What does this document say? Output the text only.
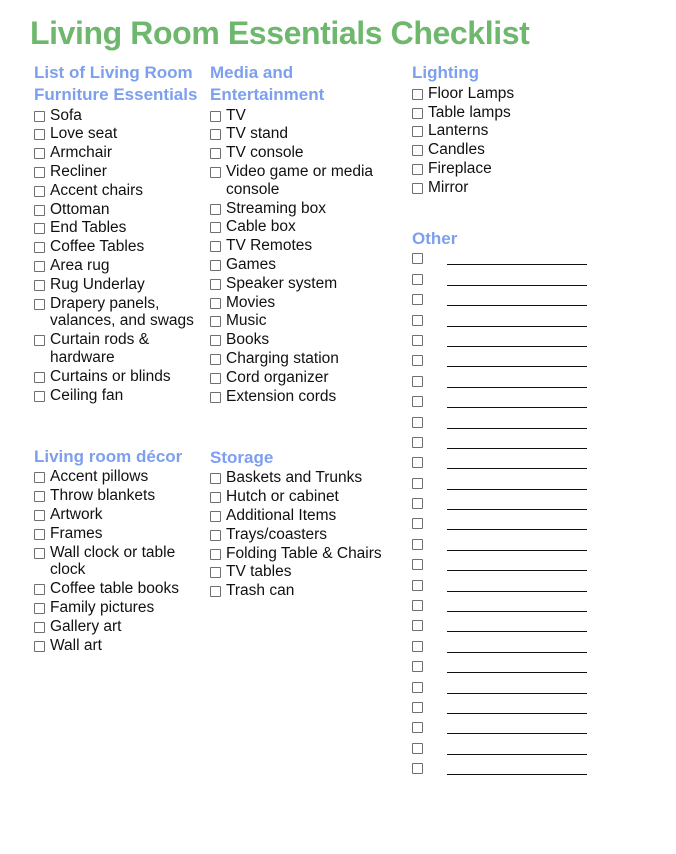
Living Room Essentials Checklist
List of Living Room Furniture Essentials
Sofa
Love seat
Armchair
Recliner
Accent chairs
Ottoman
End Tables
Coffee Tables
Area rug
Rug Underlay
Drapery panels, valances, and swags
Curtain rods & hardware
Curtains or blinds
Ceiling fan
Living room décor
Accent pillows
Throw blankets
Artwork
Frames
Wall clock or table clock
Coffee table books
Family pictures
Gallery art
Wall art
Media and Entertainment
TV
TV stand
TV console
Video game or media console
Streaming box
Cable box
TV Remotes
Games
Speaker system
Movies
Music
Books
Charging station
Cord organizer
Extension cords
Storage
Baskets and Trunks
Hutch or cabinet
Additional Items
Trays/coasters
Folding Table & Chairs
TV tables
Trash can
Lighting
Floor Lamps
Table lamps
Lanterns
Candles
Fireplace
Mirror
Other
